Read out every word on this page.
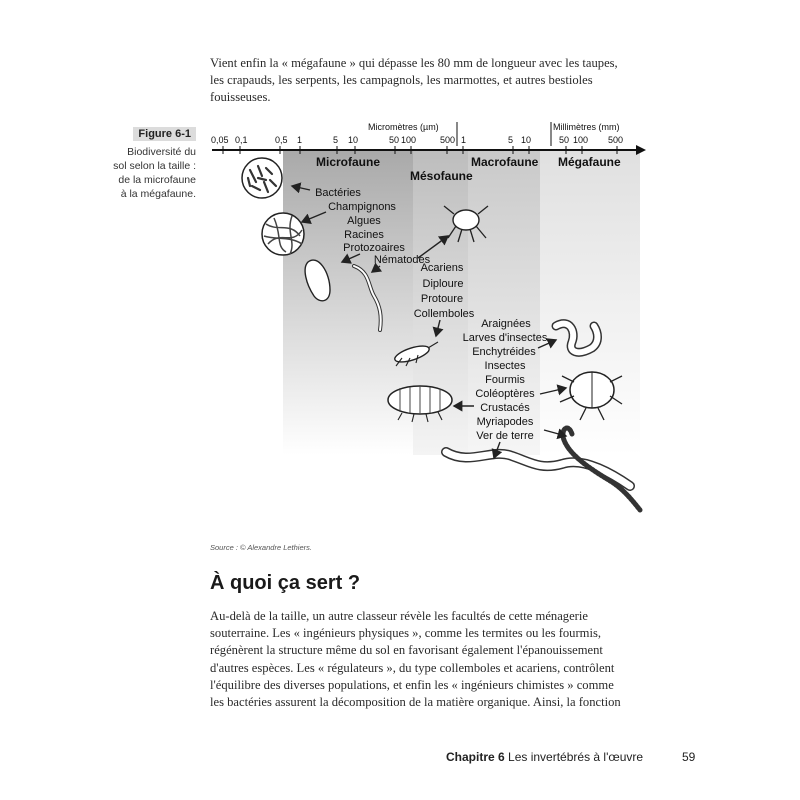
Vient enfin la « mégafaune » qui dépasse les 80 mm de longueur avec les taupes,
les crapauds, les serpents, les campagnols, les marmottes, et autres bestioles
fouisseuses.
Figure 6-1
Biodiversité du
sol selon la taille :
de la microfaune
à la mégafaune.
Micromètres (µm)	Millimètres (mm)
0,05 0,1	0,5 1	5 10	50 100	500 1	5 10	50 100 500
Microfaune
Mésofaune
Macrofaune Mégafaune
Bactéries
Champignons
Algues
Racines
Protozoaires
Nématodes
Acariens
Diploure
Protoure
Collemboles
Araignées
Larves d'insectes
Enchytréides
Insectes
Fourmis
Coléoptères
Crustacés
Myriapodes
Ver de terre
Source : © Alexandre Lethiers.
À quoi ça sert ?
Au-delà de la taille, un autre classeur révèle les facultés de cette ménagerie
souterraine. Les « ingénieurs physiques », comme les termites ou les fourmis,
régénèrent la structure même du sol en favorisant également l'épanouissement
d'autres espèces. Les « régulateurs », du type collemboles et acariens, contrôlent
l'équilibre des diverses populations, et enfin les « ingénieurs chimistes » comme
les bactéries assurent la décomposition de la matière organique. Ainsi, la fonction
Chapitre 6 Les invertébrés à l'œuvre	59
